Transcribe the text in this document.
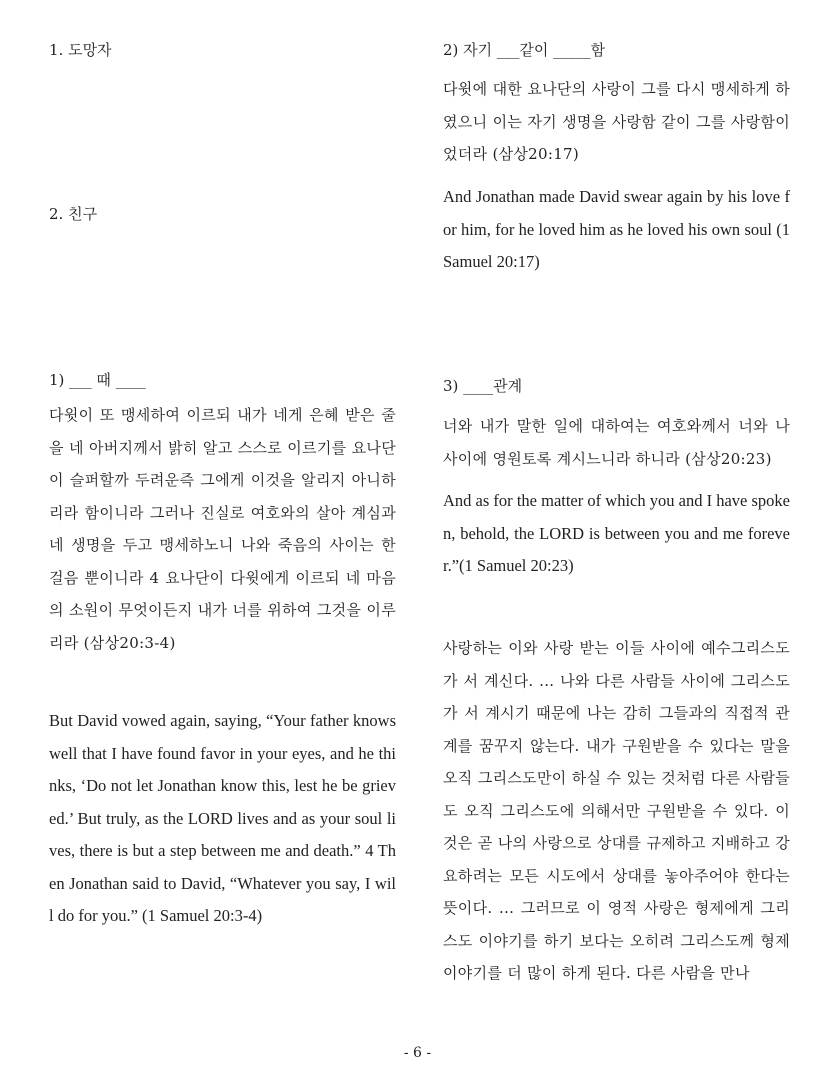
1. 도망자

2. 친구

1) ___ 때 ____

다윗이 또 맹세하여 이르되 내가 네게 은혜 받은 줄을 네 아버지께서 밝히 알고 스스로 이르기를 요나단이 슬퍼할까 두려운즉 그에게 이것을 알리지 아니하리라 함이니라 그러나 진실로 여호와의 살아 계심과 네 생명을 두고 맹세하노니 나와 죽음의 사이는 한 걸음 뿐이니라 4 요나단이 다윗에게 이르되 네 마음의 소원이 무엇이든지 내가 너를 위하여 그것을 이루리라 (삼상20:3-4)

But David vowed again, saying, “Your father knows well that I have found favor in your eyes, and he thinks, ‘Do not let Jonathan know this, lest he be grieved.’ But truly, as the LORD lives and as your soul lives, there is but a step between me and death.” 4 Then Jonathan said to David, “Whatever you say, I will do for you.” (1 Samuel 20:3-4)

2) 자기 ___같이 _____함

다윗에 대한 요나단의 사랑이 그를 다시 맹세하게 하였으니 이는 자기 생명을 사랑함 같이 그를 사랑함이었더라 (삼상20:17)

And Jonathan made David swear again by his love for him, for he loved him as he loved his own soul (1 Samuel 20:17)

3) ____관계

너와 내가 말한 일에 대하여는 여호와께서 너와 나 사이에 영원토록 계시느니라 하니라 (삼상20:23)

And as for the matter of which you and I have spoken, behold, the LORD is between you and me forever.”(1 Samuel 20:23)

사랑하는 이와 사랑 받는 이들 사이에 예수그리스도가 서 계신다. ... 나와 다른 사람들 사이에 그리스도가 서 계시기 때문에 나는 감히 그들과의 직접적 관계를 꿈꾸지 않는다. 내가 구원받을 수 있다는 말을 오직 그리스도만이 하실 수 있는 것처럼 다른 사람들도 오직 그리스도에 의해서만 구원받을 수 있다. 이것은 곧 나의 사랑으로 상대를 규제하고 지배하고 강요하려는 모든 시도에서 상대를 놓아주어야 한다는 뜻이다. ... 그러므로 이 영적 사랑은 형제에게 그리스도 이야기를 하기 보다는 오히려 그리스도께 형제 이야기를 더 많이 하게 된다. 다른 사람을 만나

- 6 -
